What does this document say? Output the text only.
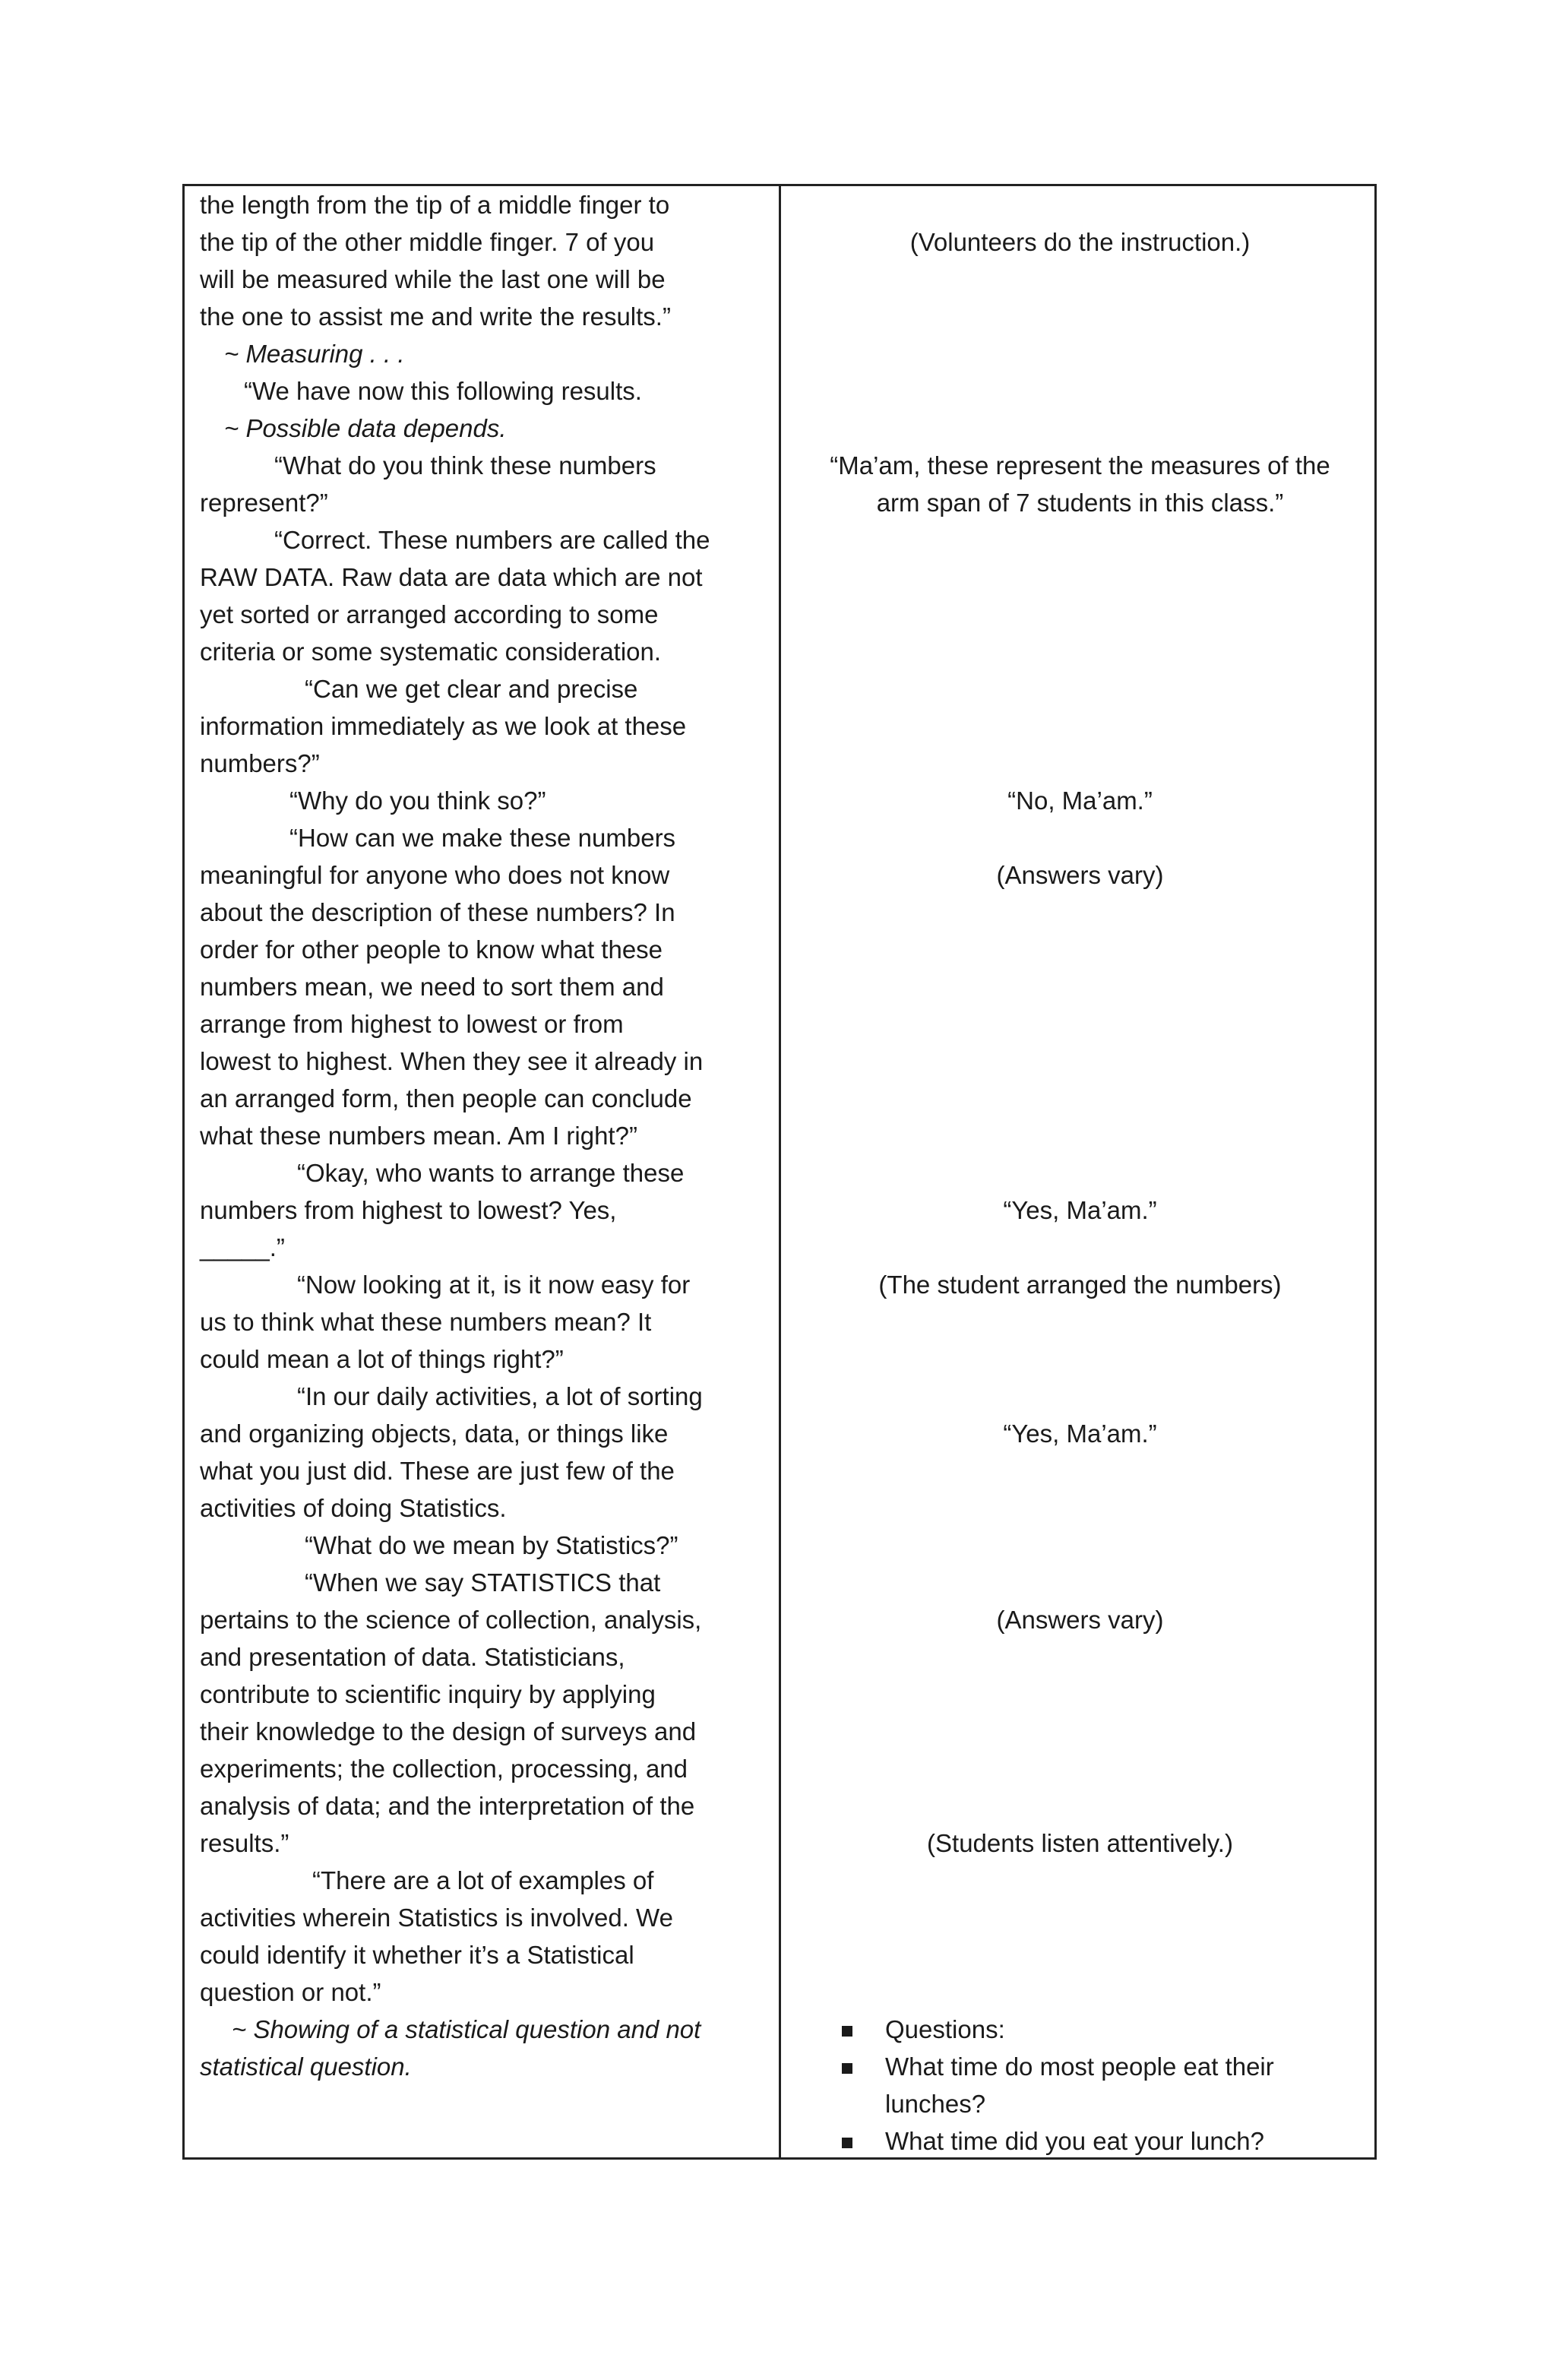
the length from the tip of a middle finger to
the tip of the other middle finger. 7 of you
will be measured while the last one will be
the one to assist me and write the results.”
~ Measuring . . .
“We have now this following results.
~ Possible data depends.
“What do you think these numbers
represent?”
“Correct. These numbers are called the
RAW DATA. Raw data are data which are not
yet sorted or arranged according to some
criteria or some systematic consideration.
“Can we get clear and precise
information immediately as we look at these
numbers?”
“Why do you think so?”
“How can we make these numbers
meaningful for anyone who does not know
about the description of these numbers? In
order for other people to know what these
numbers mean, we need to sort them and
arrange from highest to lowest or from
lowest to highest. When they see it already in
an arranged form, then people can conclude
what these numbers mean. Am I right?”
“Okay, who wants to arrange these
numbers from highest to lowest? Yes,
_____.”
“Now looking at it, is it now easy for
us to think what these numbers mean? It
could mean a lot of things right?”
“In our daily activities, a lot of sorting
and organizing objects, data, or things like
what you just did. These are just few of the
activities of doing Statistics.
“What do we mean by Statistics?”
“When we say STATISTICS that
pertains to the science of collection, analysis,
and presentation of data. Statisticians,
contribute to scientific inquiry by applying
their knowledge to the design of surveys and
experiments; the collection, processing, and
analysis of data; and the interpretation of the
results.”
“There are a lot of examples of
activities wherein Statistics is involved. We
could identify it whether it’s a Statistical
question or not.”
~ Showing of a statistical question and not
statistical question.
(Volunteers do the instruction.)
“Ma’am, these represent the measures of the
arm span of 7 students in this class.”
“No, Ma’am.”
(Answers vary)
“Yes, Ma’am.”
(The student arranged the numbers)
“Yes, Ma’am.”
(Answers vary)
(Students listen attentively.)
Questions:
What time do most people eat their
lunches?
What time did you eat your lunch?
